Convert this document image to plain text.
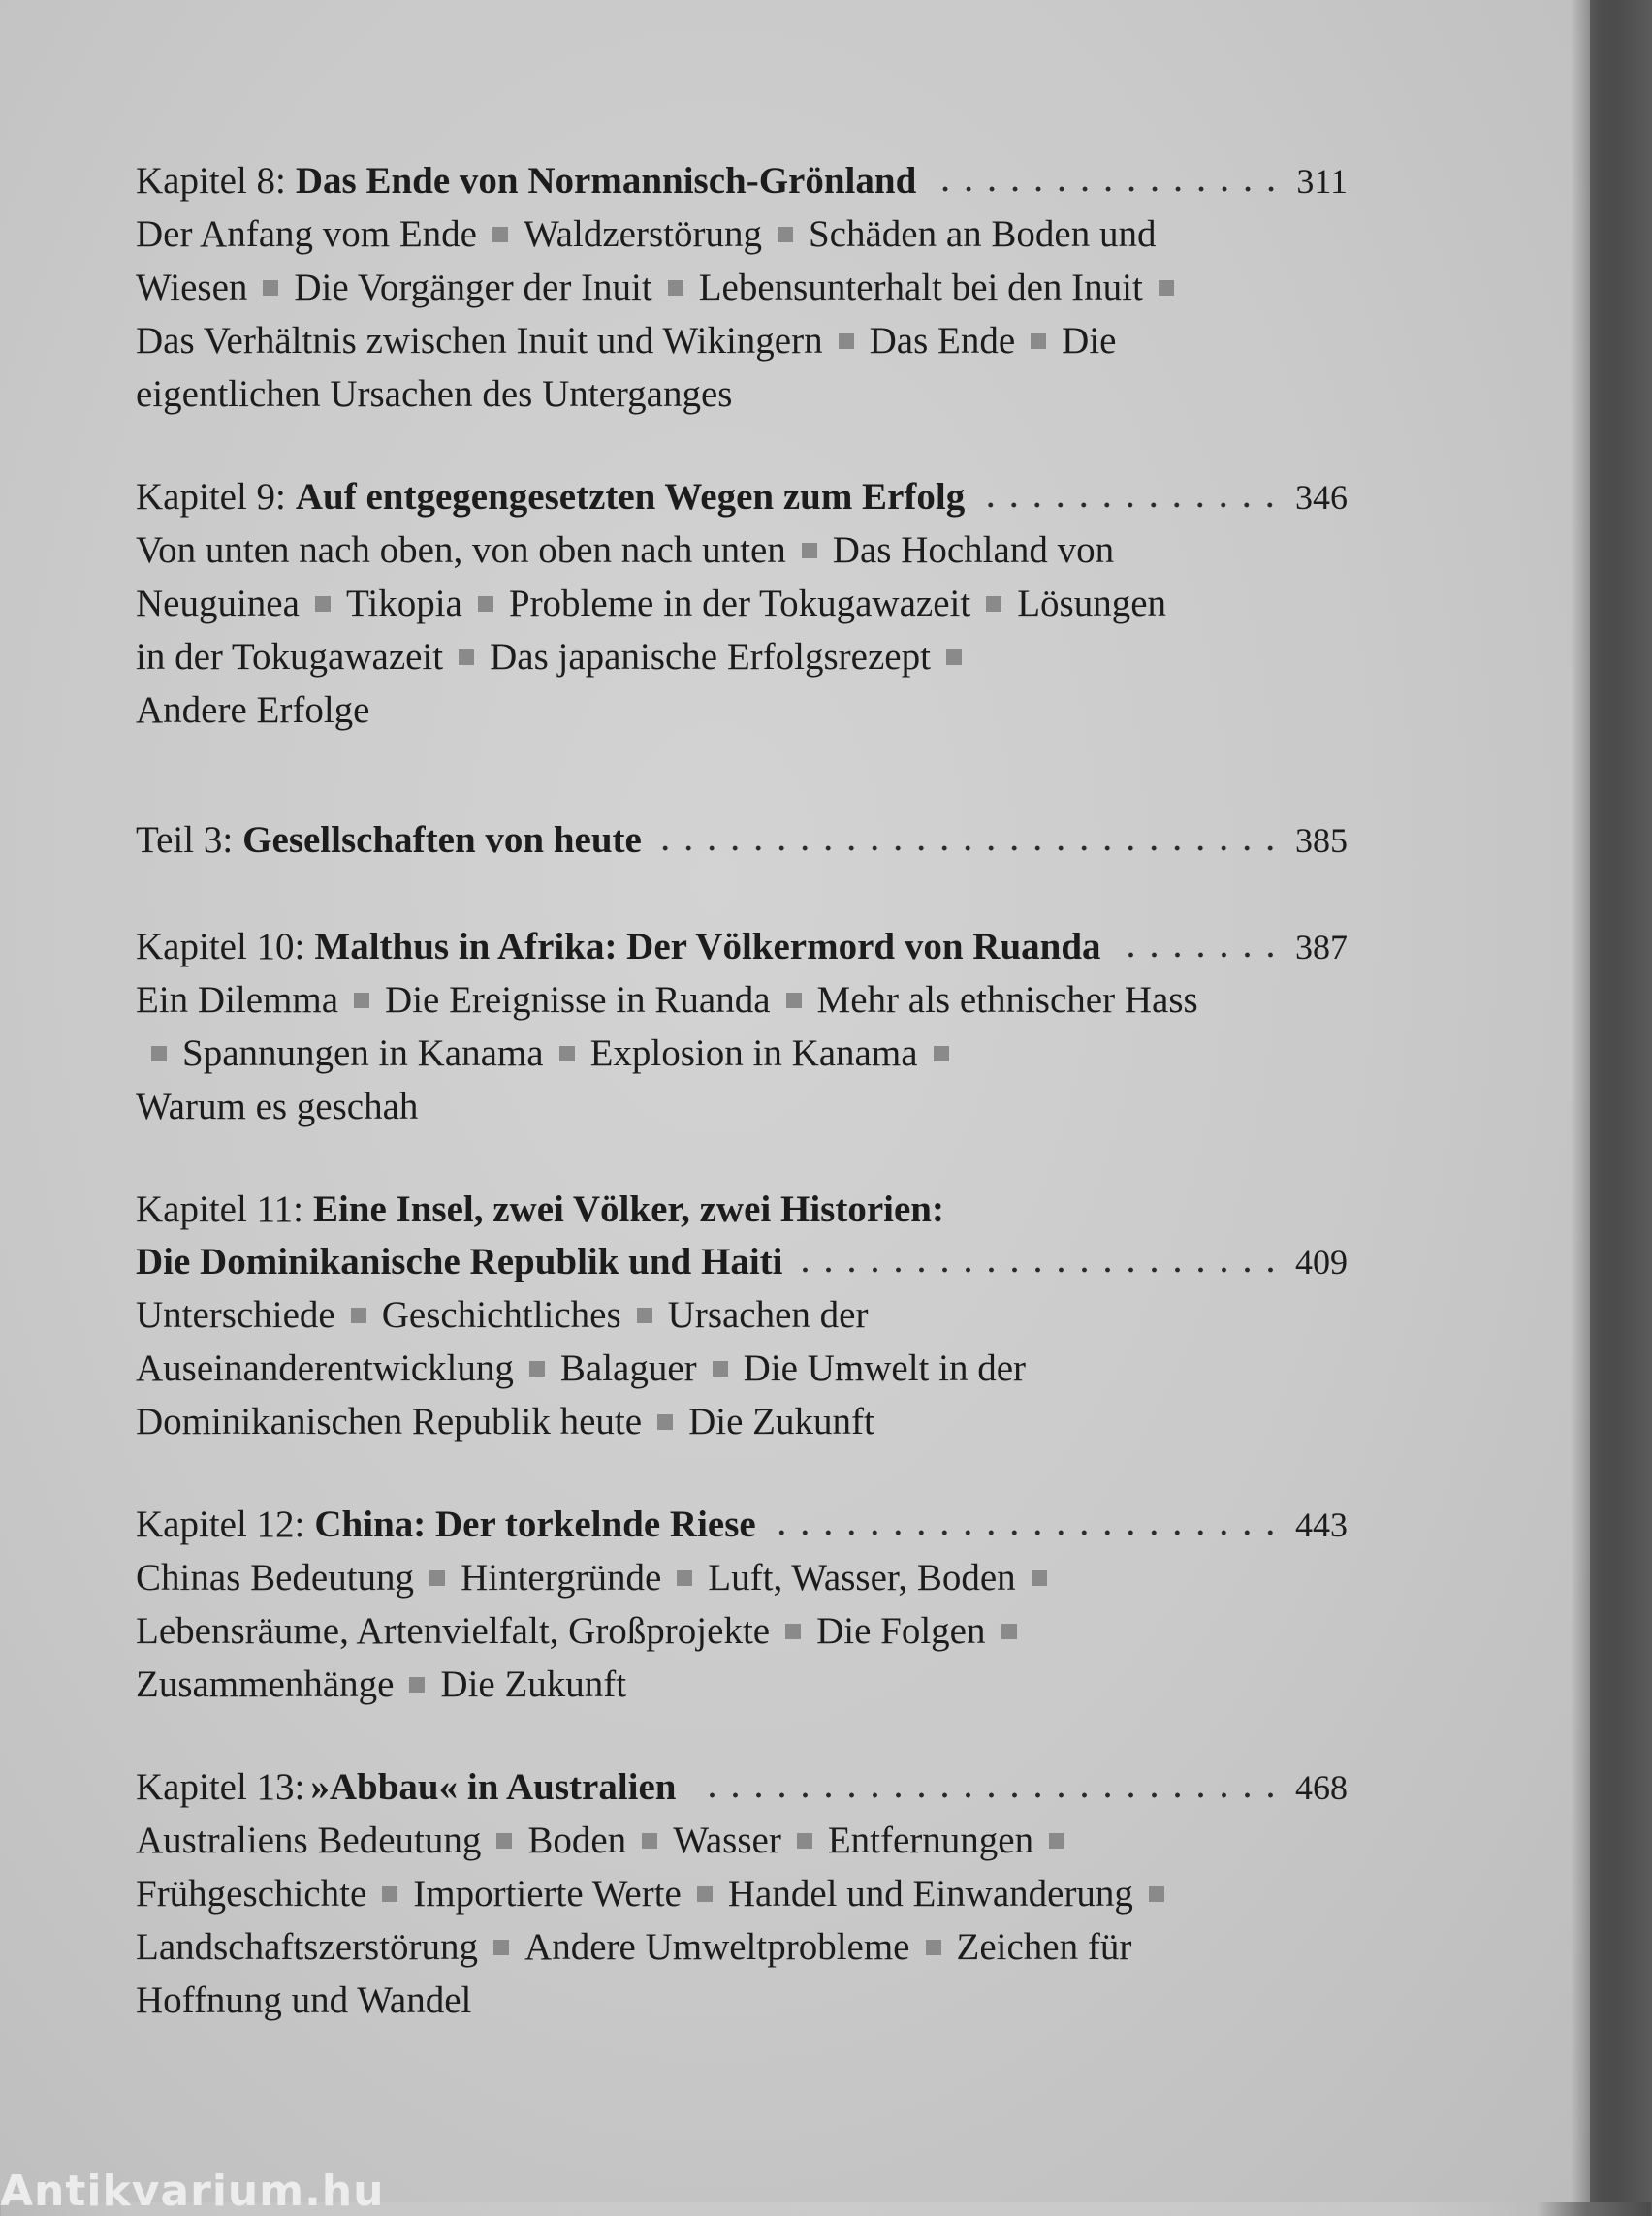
Kapitel 8: Das Ende von Normannisch-Grönland	311
Der Anfang vom Ende Waldzerstörung Schäden an Boden und Wiesen Die Vorgänger der Inuit Lebensunterhalt bei den InuitDas Verhältnis zwischen Inuit und Wikingern Das Ende Die eigentlichen Ursachen des Unterganges
Kapitel 9: Auf entgegengesetzten Wegen zum Erfolg	346
Von unten nach oben, von oben nach unten Das Hochland von Neuguinea Tikopia Probleme in der Tokugawazeit Lösungen in der Tokugawazeit Das japanische Erfolgsrezept
Andere Erfolge
Teil 3: Gesellschaften von heute	385
Kapitel 10: Malthus in Afrika: Der Völkermord von Ruanda	387
Ein Dilemma Die Ereignisse in Ruanda Mehr als ethnischer HassSpannungen in Kanama Explosion in Kanama
Warum es geschah
Kapitel 11: Eine Insel, zwei Völker, zwei Historien:
Die Dominikanische Republik und Haiti	409
Unterschiede Geschichtliches Ursachen der Auseinanderentwicklung Balaguer Die Umwelt in der Dominikanischen Republik heute Die Zukunft
Kapitel 12: China: Der torkelnde Riese	443
Chinas Bedeutung Hintergründe Luft, Wasser, Boden
Lebensräume, Artenvielfalt, Großprojekte Die Folgen
Zusammenhänge Die Zukunft
Kapitel 13: »Abbau« in Australien	468
Australiens Bedeutung Boden Wasser EntfernungenFrühgeschichte Importierte Werte Handel und EinwanderungLandschaftszerstörung Andere Umweltprobleme Zeichen für Hoffnung und Wandel
Antikvarium.hu
